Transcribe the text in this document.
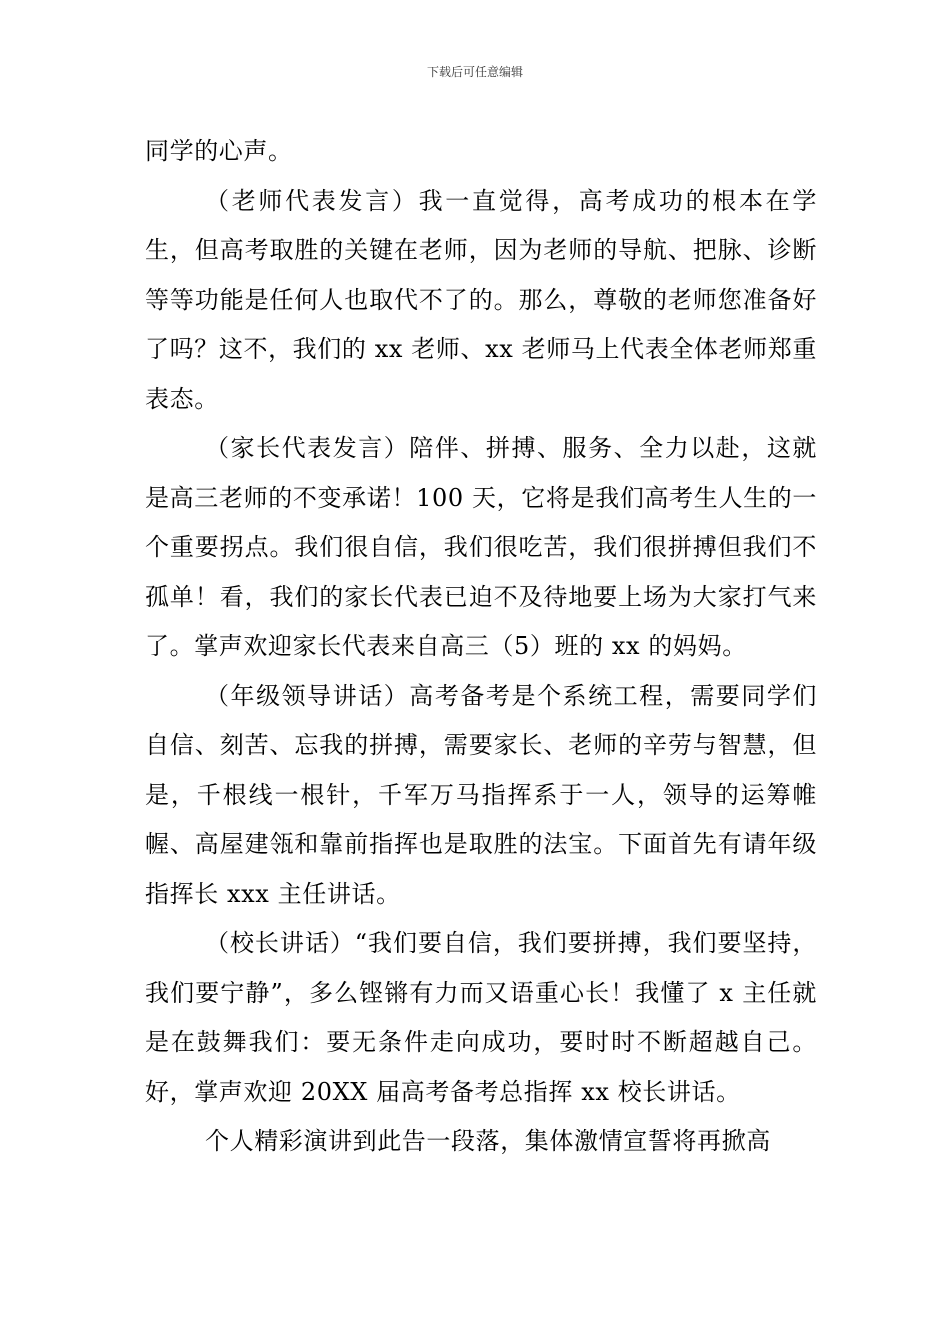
下载后可任意编辑

同学的心声。

（老师代表发言）我一直觉得，高考成功的根本在学生，但高考取胜的关键在老师，因为老师的导航、把脉、诊断等等功能是任何人也取代不了的。那么，尊敬的老师您准备好了吗？这不，我们的 xx 老师、xx 老师马上代表全体老师郑重表态。

（家长代表发言）陪伴、拼搏、服务、全力以赴，这就是高三老师的不变承诺！100 天，它将是我们高考生人生的一个重要拐点。我们很自信，我们很吃苦，我们很拼搏但我们不孤单！看，我们的家长代表已迫不及待地要上场为大家打气来了。掌声欢迎家长代表来自高三（5）班的 xx 的妈妈。

（年级领导讲话）高考备考是个系统工程，需要同学们自信、刻苦、忘我的拼搏，需要家长、老师的辛劳与智慧，但是，千根线一根针，千军万马指挥系于一人，领导的运筹帷幄、高屋建瓴和靠前指挥也是取胜的法宝。下面首先有请年级指挥长 xxx 主任讲话。

（校长讲话）“我们要自信，我们要拼搏，我们要坚持，我们要宁静”，多么铿锵有力而又语重心长！我懂了 x 主任就是在鼓舞我们：要无条件走向成功，要时时不断超越自己。好，掌声欢迎 20XX 届高考备考总指挥 xx 校长讲话。

个人精彩演讲到此告一段落，集体激情宣誓将再掀高
